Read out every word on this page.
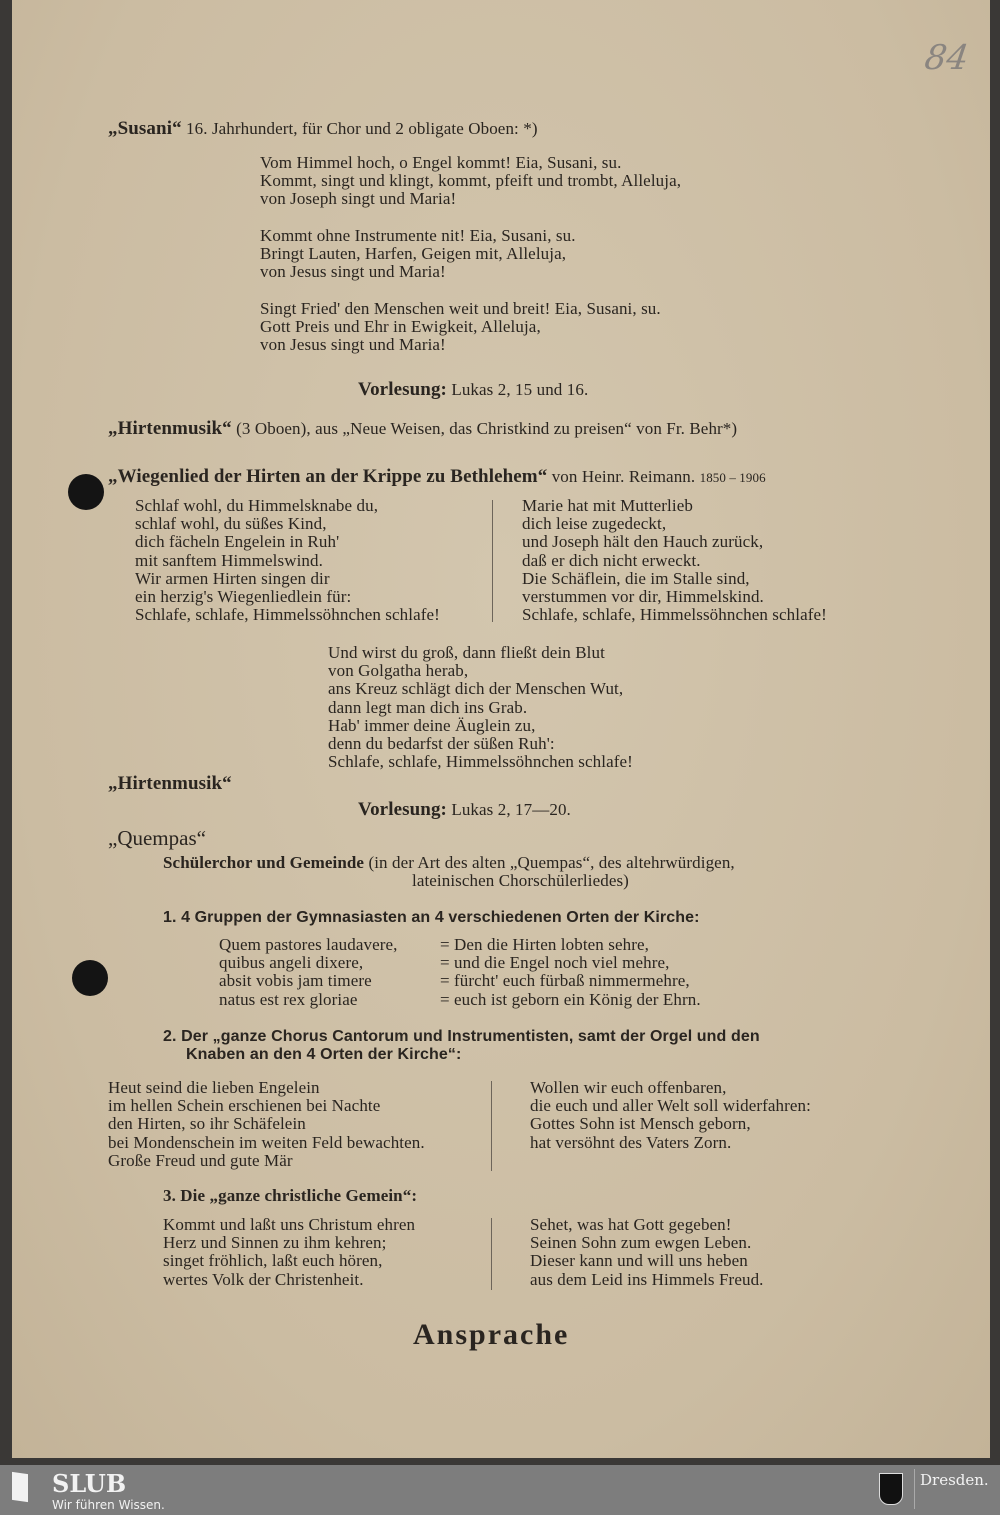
84
„Susani“ 16. Jahrhundert, für Chor und 2 obligate Oboen: *)
Vom Himmel hoch, o Engel kommt! Eia, Susani, su.
Kommt, singt und klingt, kommt, pfeift und trombt, Alleluja,
von Joseph singt und Maria!
Kommt ohne Instrumente nit! Eia, Susani, su.
Bringt Lauten, Harfen, Geigen mit, Alleluja,
von Jesus singt und Maria!
Singt Fried' den Menschen weit und breit! Eia, Susani, su.
Gott Preis und Ehr in Ewigkeit, Alleluja,
von Jesus singt und Maria!
Vorlesung: Lukas 2, 15 und 16.
„Hirtenmusik“ (3 Oboen), aus „Neue Weisen, das Christkind zu preisen“ von Fr. Behr*)
„Wiegenlied der Hirten an der Krippe zu Bethlehem“ von Heinr. Reimann. 1850 – 1906
Schlaf wohl, du Himmelsknabe du,
schlaf wohl, du süßes Kind,
dich fächeln Engelein in Ruh'
mit sanftem Himmelswind.
Wir armen Hirten singen dir
ein herzig's Wiegenliedlein für:
Schlafe, schlafe, Himmelssöhnchen schlafe!
Marie hat mit Mutterlieb
dich leise zugedeckt,
und Joseph hält den Hauch zurück,
daß er dich nicht erweckt.
Die Schäflein, die im Stalle sind,
verstummen vor dir, Himmelskind.
Schlafe, schlafe, Himmelssöhnchen schlafe!
Und wirst du groß, dann fließt dein Blut
von Golgatha herab,
ans Kreuz schlägt dich der Menschen Wut,
dann legt man dich ins Grab.
Hab' immer deine Äuglein zu,
denn du bedarfst der süßen Ruh':
Schlafe, schlafe, Himmelssöhnchen schlafe!
„Hirtenmusik“
Vorlesung: Lukas 2, 17—20.
„Quempas“
Schülerchor und Gemeinde (in der Art des alten „Quempas“, des altehrwürdigen,
lateinischen Chorschülerliedes)
1. 4 Gruppen der Gymnasiasten an 4 verschiedenen Orten der Kirche:
Quem pastores laudavere,
quibus angeli dixere,
absit vobis jam timere
natus est rex gloriae
= Den die Hirten lobten sehre,
= und die Engel noch viel mehre,
= fürcht' euch fürbaß nimmermehre,
= euch ist geborn ein König der Ehrn.
2. Der „ganze Chorus Cantorum und Instrumentisten, samt der Orgel und den
Knaben an den 4 Orten der Kirche“:
Heut seind die lieben Engelein
im hellen Schein erschienen bei Nachte
den Hirten, so ihr Schäfelein
bei Mondenschein im weiten Feld bewachten.
Große Freud und gute Mär
Wollen wir euch offenbaren,
die euch und aller Welt soll widerfahren:
Gottes Sohn ist Mensch geborn,
hat versöhnt des Vaters Zorn.
3. Die „ganze christliche Gemein“:
Kommt und laßt uns Christum ehren
Herz und Sinnen zu ihm kehren;
singet fröhlich, laßt euch hören,
wertes Volk der Christenheit.
Sehet, was hat Gott gegeben!
Seinen Sohn zum ewgen Leben.
Dieser kann und will uns heben
aus dem Leid ins Himmels Freud.
Ansprache
SLUB
Wir führen Wissen.
Dresden.
